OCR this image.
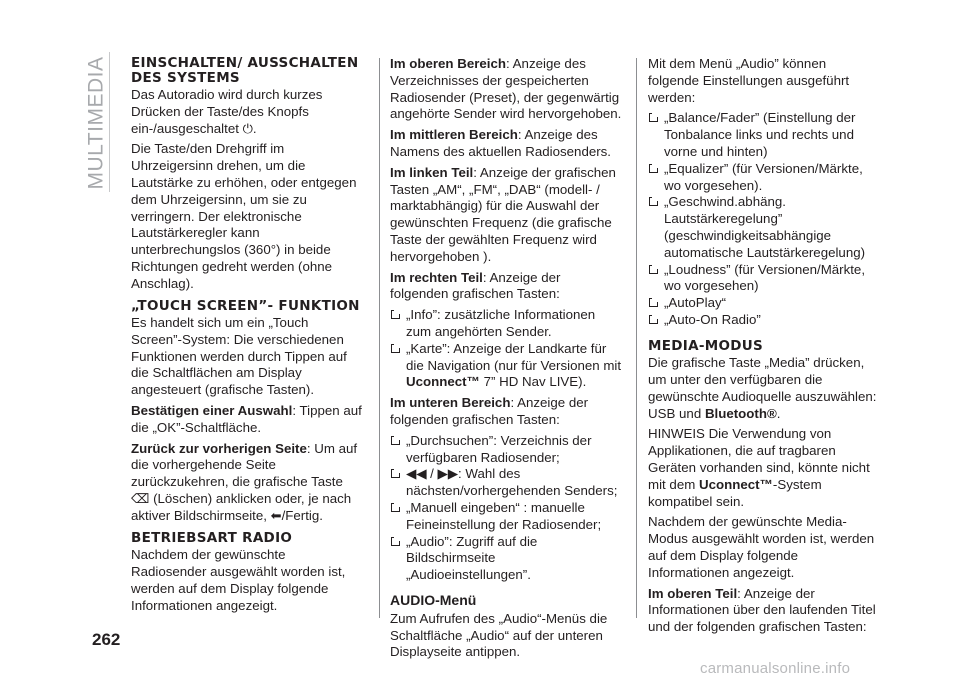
MULTIMEDIA EINSCHALTEN/ AUSSCHALTEN DES SYSTEMS

Das Autoradio wird durch kurzes Drücken der Taste/des Knopfs ein-/ausgeschaltet ⏻.

Die Taste/den Drehgriff im Uhrzeigersinn drehen, um die Lautstärke zu erhöhen, oder entgegen dem Uhrzeigersinn, um sie zu verringern. Der elektronische Lautstärkeregler kann unterbrechungslos (360°) in beide Richtungen gedreht werden (ohne Anschlag).

„TOUCH SCREEN”- FUNKTION

Es handelt sich um ein „Touch Screen”-System: Die verschiedenen Funktionen werden durch Tippen auf die Schaltflächen am Display angesteuert (grafische Tasten).

Bestätigen einer Auswahl: Tippen auf die „OK”-Schaltfläche.

Zurück zur vorherigen Seite: Um auf die vorhergehende Seite zurückzukehren, die grafische Taste ⌫ (Löschen) anklicken oder, je nach aktiver Bildschirmseite, ⬅/Fertig.

BETRIEBSART RADIO

Nachdem der gewünschte Radiosender ausgewählt worden ist, werden auf dem Display folgende Informationen angezeigt.

Im oberen Bereich: Anzeige des Verzeichnisses der gespeicherten Radiosender (Preset), der gegenwärtig angehörte Sender wird hervorgehoben.

Im mittleren Bereich: Anzeige des Namens des aktuellen Radiosenders.

Im linken Teil: Anzeige der grafischen Tasten „AM“, „FM“, „DAB“ (modell- / marktabhängig) für die Auswahl der gewünschten Frequenz (die grafische Taste der gewählten Frequenz wird hervorgehoben ).

Im rechten Teil: Anzeige der folgenden grafischen Tasten:

„Info”: zusätzliche Informationen zum angehörten Sender.
„Karte”: Anzeige der Landkarte für die Navigation (nur für Versionen mit Uconnect™ 7” HD Nav LIVE).

Im unteren Bereich: Anzeige der folgenden grafischen Tasten:

„Durchsuchen”: Verzeichnis der verfügbaren Radiosender;
◀◀ / ▶▶: Wahl des nächsten/vorhergehenden Senders;
„Manuell eingeben“ : manuelle Feineinstellung der Radiosender;
„Audio”: Zugriff auf die Bildschirmseite „Audioeinstellungen”.
AUDIO-Menü

Zum Aufrufen des „Audio“-Menüs die Schaltfläche „Audio“ auf der unteren Displayseite antippen.

Mit dem Menü „Audio” können folgende Einstellungen ausgeführt werden:

„Balance/Fader” (Einstellung der Tonbalance links und rechts und vorne und hinten)
„Equalizer” (für Versionen/Märkte, wo vorgesehen).
„Geschwind.abhäng. Lautstärkeregelung” (geschwindigkeitsabhängige automatische Lautstärkeregelung)
„Loudness” (für Versionen/Märkte, wo vorgesehen)
„AutoPlay“
„Auto-On Radio”
MEDIA-MODUS

Die grafische Taste „Media” drücken, um unter den verfügbaren die gewünschte Audioquelle auszuwählen: USB und Bluetooth®.

HINWEIS Die Verwendung von Applikationen, die auf tragbaren Geräten vorhanden sind, könnte nicht mit dem Uconnect™-System kompatibel sein.

Nachdem der gewünschte Media-Modus ausgewählt worden ist, werden auf dem Display folgende Informationen angezeigt.

Im oberen Teil: Anzeige der Informationen über den laufenden Titel und der folgenden grafischen Tasten:

262
carmanualsonline.info
